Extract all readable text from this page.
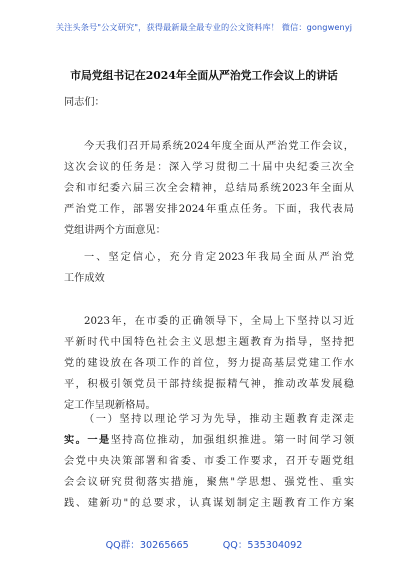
关注头条号"公文研究"，获得最新最全最专业的公文资料库！ 微信：gongwenyj
市局党组书记在2024年全面从严治党工作会议上的讲话
同志们：
今天我们召开局系统2024年度全面从严治党工作会议，
这次会议的任务是：深入学习贯彻二十届中央纪委三次全
会和市纪委六届三次全会精神，总结局系统2023年全面从
严治党工作，部署安排2024年重点任务。下面，我代表局
党组讲两个方面意见：
一、坚定信心，充分肯定2023年我局全面从严治党
工作成效
2023年，在市委的正确领导下，全局上下坚持以习近
平新时代中国特色社会主义思想主题教育为指导，坚持把
党的建设放在各项工作的首位，努力提高基层党建工作水
平，积极引领党员干部持续提振精气神，推动改革发展稳
定工作呈现新格局。
（一）坚持以理论学习为先导，推动主题教育走深走
实。一是坚持高位推动，加强组织推进。第一时间学习领
会党中央决策部署和省委、市委工作要求，召开专题党组
会会议研究贯彻落实措施，聚焦"学思想、强党性、重实
践、建新功"的总要求，认真谋划制定主题教育工作方案
QQ群：30265665	QQ：535304092
